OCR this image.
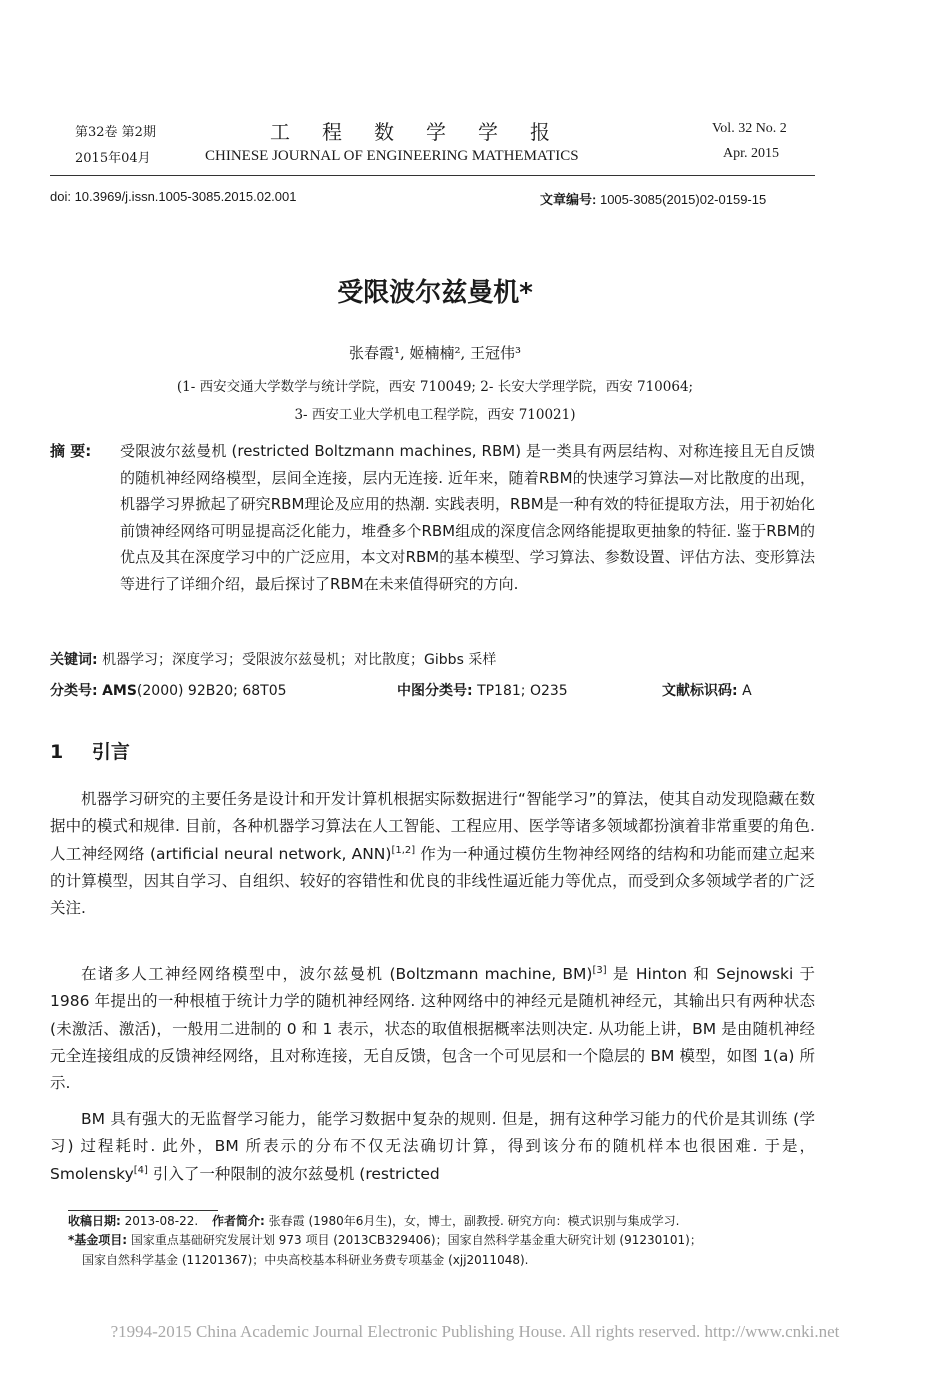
第32卷 第2期
2015年04月
工程数学学报
CHINESE JOURNAL OF ENGINEERING MATHEMATICS
Vol. 32 No. 2
Apr. 2015
doi: 10.3969/j.issn.1005-3085.2015.02.001	文章编号: 1005-3085(2015)02-0159-15
受限波尔兹曼机*
张春霞¹, 姬楠楠², 王冠伟³
(1- 西安交通大学数学与统计学院，西安 710049; 2- 长安大学理学院，西安 710064;
3- 西安工业大学机电工程学院，西安 710021)
摘 要: 受限波尔兹曼机 (restricted Boltzmann machines, RBM) 是一类具有两层结构、对称连接且无自反馈的随机神经网络模型，层间全连接，层内无连接. 近年来，随着RBM的快速学习算法—对比散度的出现，机器学习界掀起了研究RBM理论及应用的热潮. 实践表明，RBM是一种有效的特征提取方法，用于初始化前馈神经网络可明显提高泛化能力，堆叠多个RBM组成的深度信念网络能提取更抽象的特征. 鉴于RBM的优点及其在深度学习中的广泛应用，本文对RBM的基本模型、学习算法、参数设置、评估方法、变形算法等进行了详细介绍，最后探讨了RBM在未来值得研究的方向.
关键词: 机器学习；深度学习；受限波尔兹曼机；对比散度；Gibbs 采样
分类号: AMS(2000) 92B20; 68T05	中图分类号: TP181; O235	文献标识码: A
1 引言
机器学习研究的主要任务是设计和开发计算机根据实际数据进行“智能学习”的算法，使其自动发现隐藏在数据中的模式和规律. 目前，各种机器学习算法在人工智能、工程应用、医学等诸多领域都扮演着非常重要的角色. 人工神经网络 (artificial neural network, ANN)[1,2] 作为一种通过模仿生物神经网络的结构和功能而建立起来的计算模型，因其自学习、自组织、较好的容错性和优良的非线性逼近能力等优点，而受到众多领域学者的广泛关注.
在诸多人工神经网络模型中，波尔兹曼机 (Boltzmann machine, BM)[3] 是 Hinton 和 Sejnowski 于 1986 年提出的一种根植于统计力学的随机神经网络. 这种网络中的神经元是随机神经元，其输出只有两种状态 (未激活、激活)，一般用二进制的 0 和 1 表示，状态的取值根据概率法则决定. 从功能上讲，BM 是由随机神经元全连接组成的反馈神经网络，且对称连接，无自反馈，包含一个可见层和一个隐层的 BM 模型，如图 1(a) 所示.
BM 具有强大的无监督学习能力，能学习数据中复杂的规则. 但是，拥有这种学习能力的代价是其训练 (学习) 过程耗时. 此外，BM 所表示的分布不仅无法确切计算，得到该分布的随机样本也很困难. 于是，Smolensky[4] 引入了一种限制的波尔兹曼机 (restricted
收稿日期: 2013-08-22. 作者简介: 张春霞 (1980年6月生)，女，博士，副教授. 研究方向：模式识别与集成学习.
*基金项目: 国家重点基础研究发展计划 973 项目 (2013CB329406)；国家自然科学基金重大研究计划 (91230101)；
国家自然科学基金 (11201367)；中央高校基本科研业务费专项基金 (xjj2011048).
?1994-2015 China Academic Journal Electronic Publishing House. All rights reserved. http://www.cnki.net
